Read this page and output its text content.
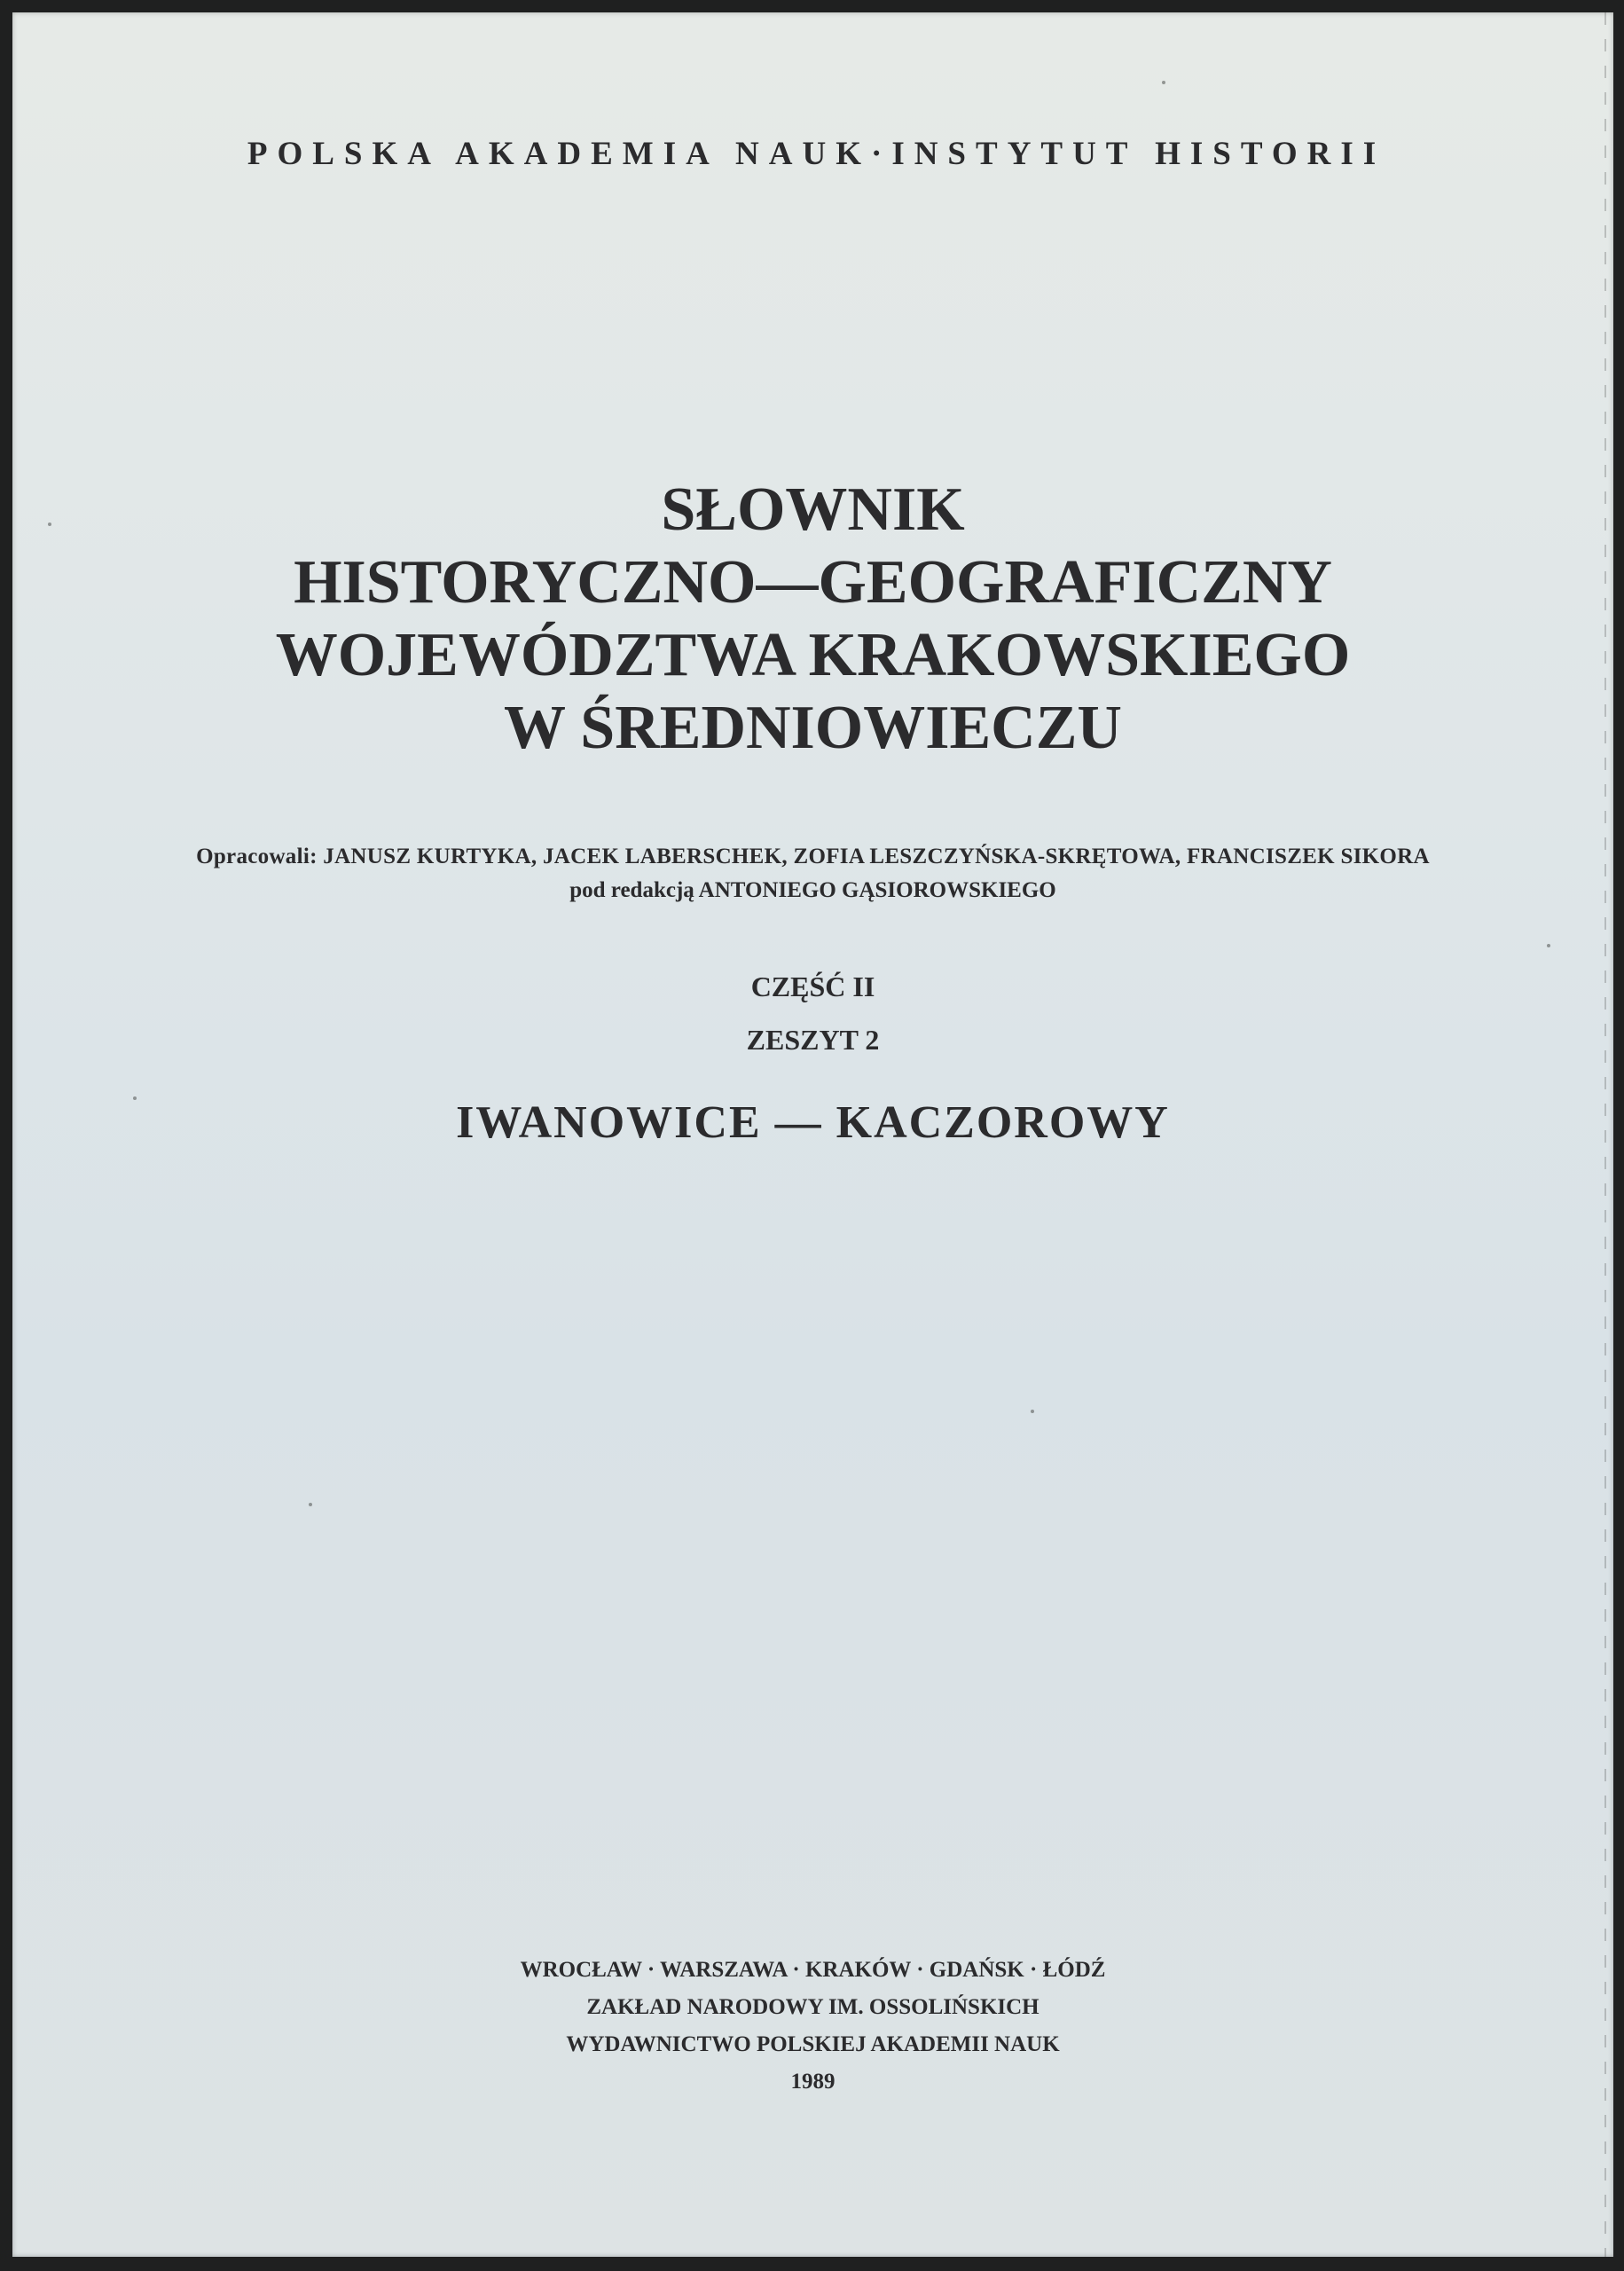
POLSKA AKADEMIA NAUK·INSTYTUT HISTORII
SŁOWNIK
HISTORYCZNO—GEOGRAFICZNY
WOJEWÓDZTWA KRAKOWSKIEGO
W ŚREDNIOWIECZU
Opracowali: JANUSZ KURTYKA, JACEK LABERSCHEK, ZOFIA LESZCZYŃSKA-SKRĘTOWA, FRANCISZEK SIKORA
pod redakcją ANTONIEGO GĄSIOROWSKIEGO
CZĘŚĆ II
ZESZYT 2
IWANOWICE — KACZOROWY
WROCŁAW · WARSZAWA · KRAKÓW · GDAŃSK · ŁÓDŹ
ZAKŁAD NARODOWY IM. OSSOLIŃSKICH
WYDAWNICTWO POLSKIEJ AKADEMII NAUK
1989
